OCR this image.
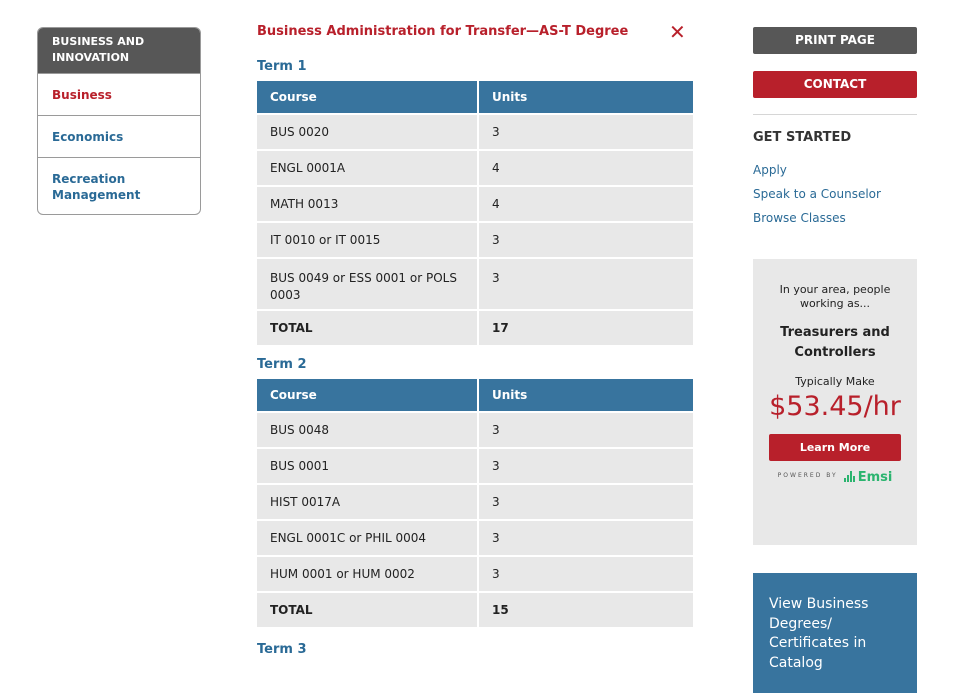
BUSINESS AND INNOVATION
Business
Economics
Recreation Management
Business Administration for Transfer—AS-T Degree	✕
Term 1
Course	Units
BUS 0020	3
ENGL 0001A	4
MATH 0013	4
IT 0010 or IT 0015	3
BUS 0049 or ESS 0001 or POLS 0003	3
TOTAL	17
Term 2
Course	Units
BUS 0048	3
BUS 0001	3
HIST 0017A	3
ENGL 0001C or PHIL 0004	3
HUM 0001 or HUM 0002	3
TOTAL	15
Term 3
PRINT PAGE
CONTACT
GET STARTED
Apply
Speak to a Counselor
Browse Classes
In your area, people working as...
Treasurers and Controllers
Typically Make
$53.45/hr
Learn More
POWERED BY Emsi
View Business Degrees/ Certificates in Catalog
